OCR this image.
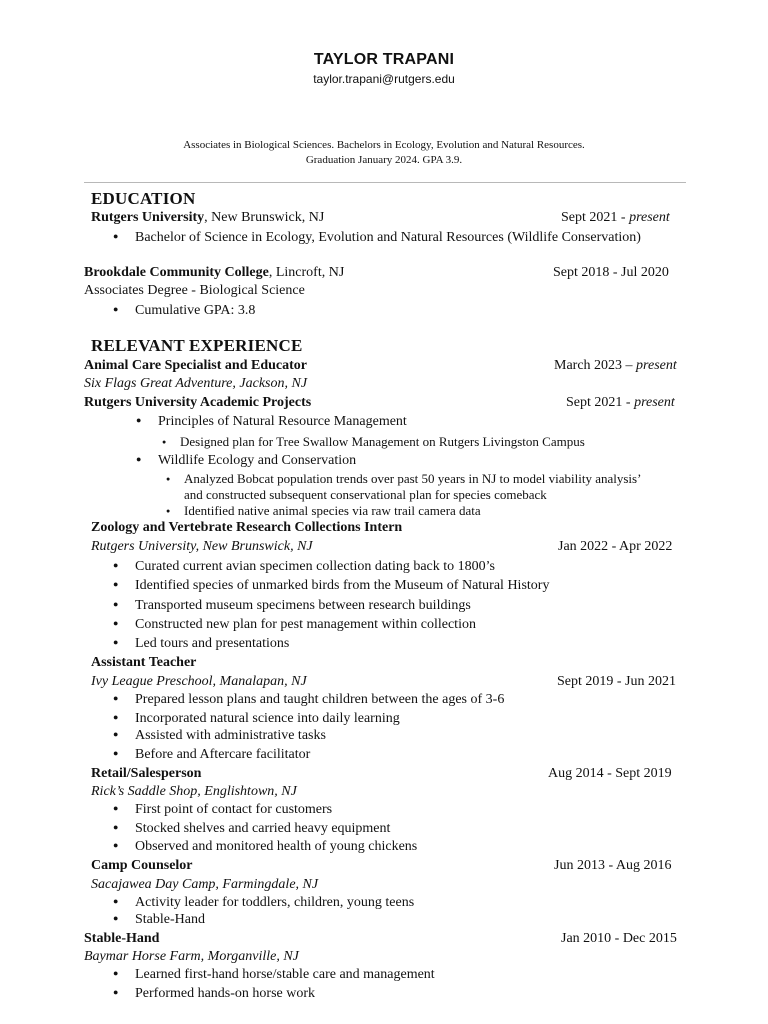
TAYLOR TRAPANI
taylor.trapani@rutgers.edu
Associates in Biological Sciences. Bachelors in Ecology, Evolution and Natural Resources.
Graduation January 2024. GPA 3.9.
EDUCATION
Rutgers University, New Brunswick, NJ	Sept 2021 - present
● Bachelor of Science in Ecology, Evolution and Natural Resources (Wildlife Conservation)
Brookdale Community College, Lincroft, NJ	Sept 2018 - Jul 2020
Associates Degree - Biological Science
● Cumulative GPA: 3.8
RELEVANT EXPERIENCE
Animal Care Specialist and Educator	March 2023 – present
Six Flags Great Adventure, Jackson, NJ
Rutgers University Academic Projects	Sept 2021 - present
● Principles of Natural Resource Management
● Designed plan for Tree Swallow Management on Rutgers Livingston Campus
● Wildlife Ecology and Conservation
● Analyzed Bobcat population trends over past 50 years in NJ to model viability analysis’
and constructed subsequent conservational plan for species comeback
● Identified native animal species via raw trail camera data
Zoology and Vertebrate Research Collections Intern
Rutgers University, New Brunswick, NJ	Jan 2022 - Apr 2022
● Curated current avian specimen collection dating back to 1800’s
● Identified species of unmarked birds from the Museum of Natural History
● Transported museum specimens between research buildings
● Constructed new plan for pest management within collection
● Led tours and presentations
Assistant Teacher
Ivy League Preschool, Manalapan, NJ	Sept 2019 - Jun 2021
● Prepared lesson plans and taught children between the ages of 3-6
● Incorporated natural science into daily learning
● Assisted with administrative tasks
● Before and Aftercare facilitator
Retail/Salesperson	Aug 2014 - Sept 2019
Rick’s Saddle Shop, Englishtown, NJ
● First point of contact for customers
● Stocked shelves and carried heavy equipment
● Observed and monitored health of young chickens
Camp Counselor	Jun 2013 - Aug 2016
Sacajawea Day Camp, Farmingdale, NJ
● Activity leader for toddlers, children, young teens
● Stable-Hand
Stable-Hand	Jan 2010 - Dec 2015
Baymar Horse Farm, Morganville, NJ
● Learned first-hand horse/stable care and management
● Performed hands-on horse work
